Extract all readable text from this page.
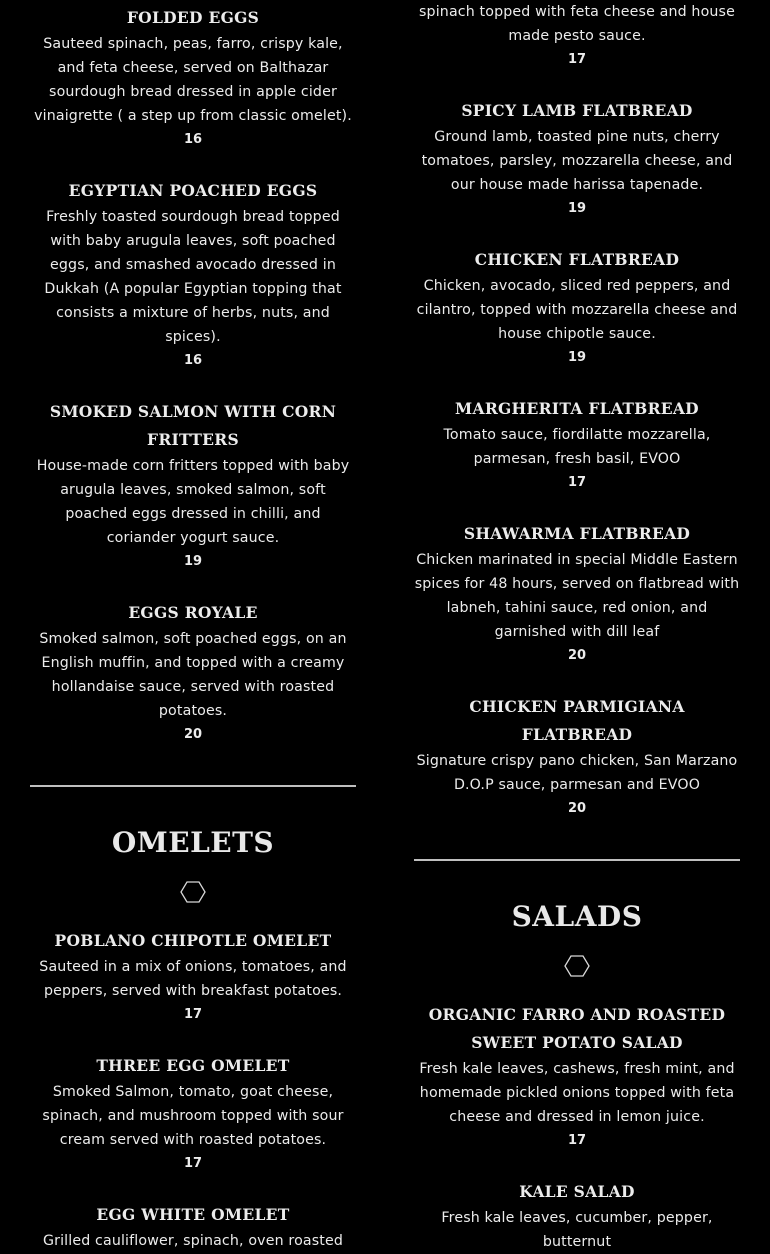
FOLDED EGGS

Sauteed spinach, peas, farro, crispy kale, and feta cheese, served on Balthazar sourdough bread dressed in apple cider vinaigrette ( a step up from classic omelet).

16

EGYPTIAN POACHED EGGS

Freshly toasted sourdough bread topped with baby arugula leaves, soft poached eggs, and smashed avocado dressed in Dukkah (A popular Egyptian topping that consists a mixture of herbs, nuts, and spices).

16

SMOKED SALMON WITH CORN FRITTERS

House-made corn fritters topped with baby arugula leaves, smoked salmon, soft poached eggs dressed in chilli, and coriander yogurt sauce.

19

EGGS ROYALE

Smoked salmon, soft poached eggs, on an English muffin, and topped with a creamy hollandaise sauce, served with roasted potatoes.

20

OMELETS

POBLANO CHIPOTLE OMELET

Sauteed in a mix of onions, tomatoes, and peppers, served with breakfast potatoes.

17

THREE EGG OMELET

Smoked Salmon, tomato, goat cheese, spinach, and mushroom topped with sour cream served with roasted potatoes.

17

EGG WHITE OMELET

Grilled cauliflower, spinach, oven roasted

spinach topped with feta cheese and house made pesto sauce.

17

SPICY LAMB FLATBREAD

Ground lamb, toasted pine nuts, cherry tomatoes, parsley, mozzarella cheese, and our house made harissa tapenade.

19

CHICKEN FLATBREAD

Chicken, avocado, sliced red peppers, and cilantro, topped with mozzarella cheese and house chipotle sauce.

19

MARGHERITA FLATBREAD

Tomato sauce, fiordilatte mozzarella, parmesan, fresh basil, EVOO

17

SHAWARMA FLATBREAD

Chicken marinated in special Middle Eastern spices for 48 hours, served on flatbread with labneh, tahini sauce, red onion, and garnished with dill leaf

20

CHICKEN PARMIGIANA FLATBREAD

Signature crispy pano chicken, San Marzano D.O.P sauce, parmesan and EVOO

20

SALADS

ORGANIC FARRO AND ROASTED SWEET POTATO SALAD

Fresh kale leaves, cashews, fresh mint, and homemade pickled onions topped with feta cheese and dressed in lemon juice.

17

KALE SALAD

Fresh kale leaves, cucumber, pepper, butternut
